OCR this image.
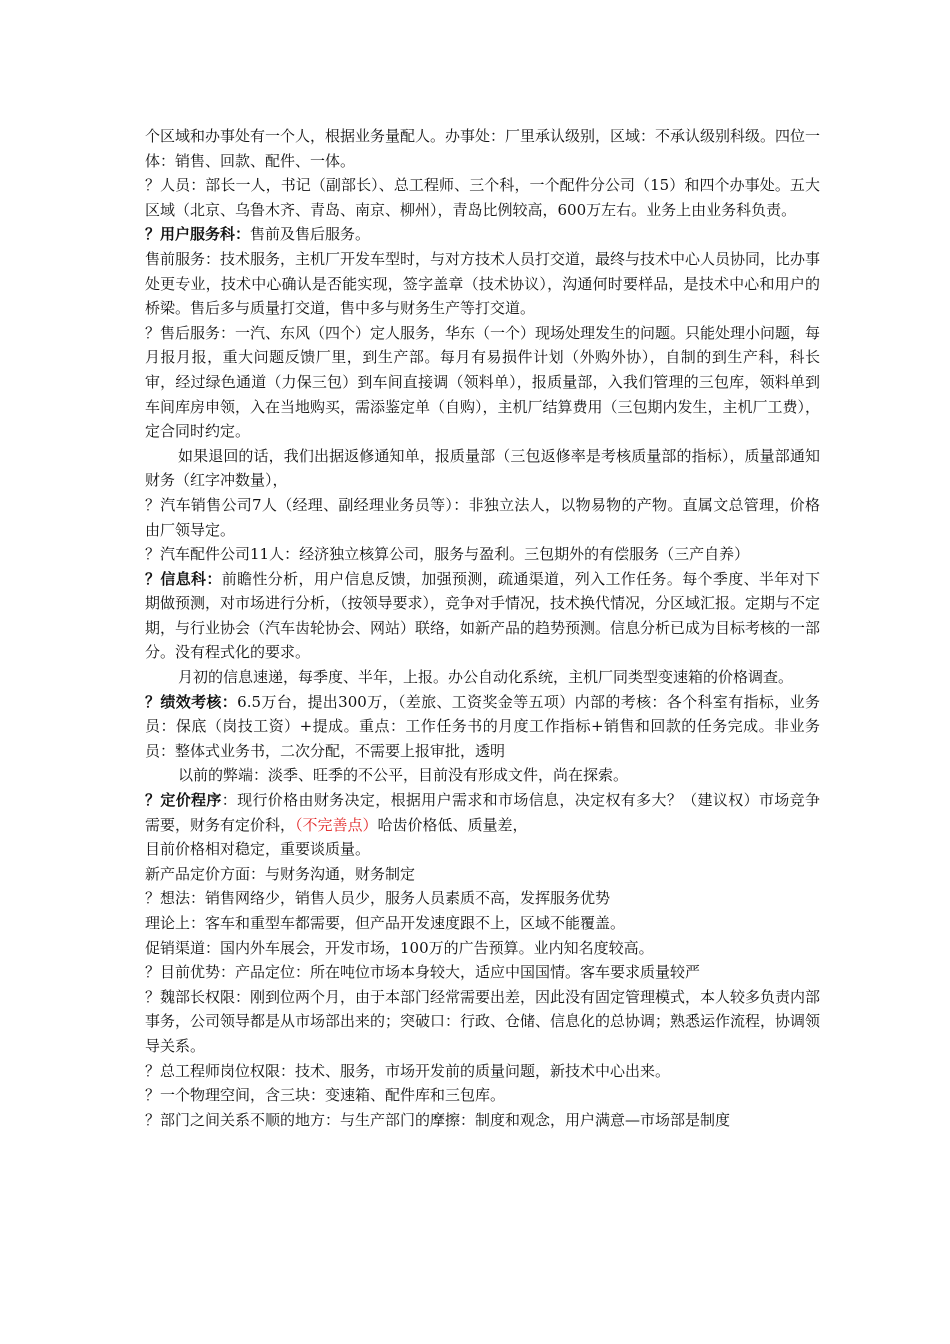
个区域和办事处有一个人，根据业务量配人。办事处：厂里承认级别，区域：不承认级别科级。四位一体：销售、回款、配件、一体。

？人员：部长一人，书记（副部长）、总工程师、三个科，一个配件分公司（15）和四个办事处。五大区域（北京、乌鲁木齐、青岛、南京、柳州），青岛比例较高，600万左右。业务上由业务科负责。

？用户服务科：售前及售后服务。

售前服务：技术服务，主机厂开发车型时，与对方技术人员打交道，最终与技术中心人员协同，比办事处更专业，技术中心确认是否能实现，签字盖章（技术协议），沟通何时要样品，是技术中心和用户的桥梁。售后多与质量打交道，售中多与财务生产等打交道。

？售后服务：一汽、东风（四个）定人服务，华东（一个）现场处理发生的问题。只能处理小问题，每月报月报，重大问题反馈厂里，到生产部。每月有易损件计划（外购外协），自制的到生产科，科长审，经过绿色通道（力保三包）到车间直接调（领料单），报质量部，入我们管理的三包库，领料单到车间库房申领，入在当地购买，需添鉴定单（自购），主机厂结算费用（三包期内发生，主机厂工费），定合同时约定。

如果退回的话，我们出据返修通知单，报质量部（三包返修率是考核质量部的指标），质量部通知财务（红字冲数量），

？汽车销售公司7人（经理、副经理业务员等）：非独立法人，以物易物的产物。直属文总管理，价格由厂领导定。

？汽车配件公司11人：经济独立核算公司，服务与盈利。三包期外的有偿服务（三产自养）

？信息科：前瞻性分析，用户信息反馈，加强预测，疏通渠道，列入工作任务。每个季度、半年对下期做预测，对市场进行分析，（按领导要求），竞争对手情况，技术换代情况，分区域汇报。定期与不定期，与行业协会（汽车齿轮协会、网站）联络，如新产品的趋势预测。信息分析已成为目标考核的一部分。没有程式化的要求。

月初的信息速递，每季度、半年，上报。办公自动化系统，主机厂同类型变速箱的价格调查。

？绩效考核：6.5万台，提出300万，（差旅、工资奖金等五项）内部的考核：各个科室有指标，业务员：保底（岗技工资）+提成。重点：工作任务书的月度工作指标+销售和回款的任务完成。非业务员：整体式业务书，二次分配，不需要上报审批，透明

以前的弊端：淡季、旺季的不公平，目前没有形成文件，尚在探索。

？定价程序：现行价格由财务决定，根据用户需求和市场信息，决定权有多大？（建议权）市场竞争需要，财务有定价科，（不完善点）哈齿价格低、质量差，

目前价格相对稳定，重要谈质量。

新产品定价方面：与财务沟通，财务制定

？想法：销售网络少，销售人员少，服务人员素质不高，发挥服务优势

理论上：客车和重型车都需要，但产品开发速度跟不上，区域不能覆盖。

促销渠道：国内外车展会，开发市场，100万的广告预算。业内知名度较高。

？目前优势：产品定位：所在吨位市场本身较大，适应中国国情。客车要求质量较严

？魏部长权限：刚到位两个月，由于本部门经常需要出差，因此没有固定管理模式，本人较多负责内部事务，公司领导都是从市场部出来的；突破口：行政、仓储、信息化的总协调；熟悉运作流程，协调领导关系。

？总工程师岗位权限：技术、服务，市场开发前的质量问题，新技术中心出来。

？一个物理空间，含三块：变速箱、配件库和三包库。

？部门之间关系不顺的地方：与生产部门的摩擦：制度和观念，用户满意—市场部是制度
